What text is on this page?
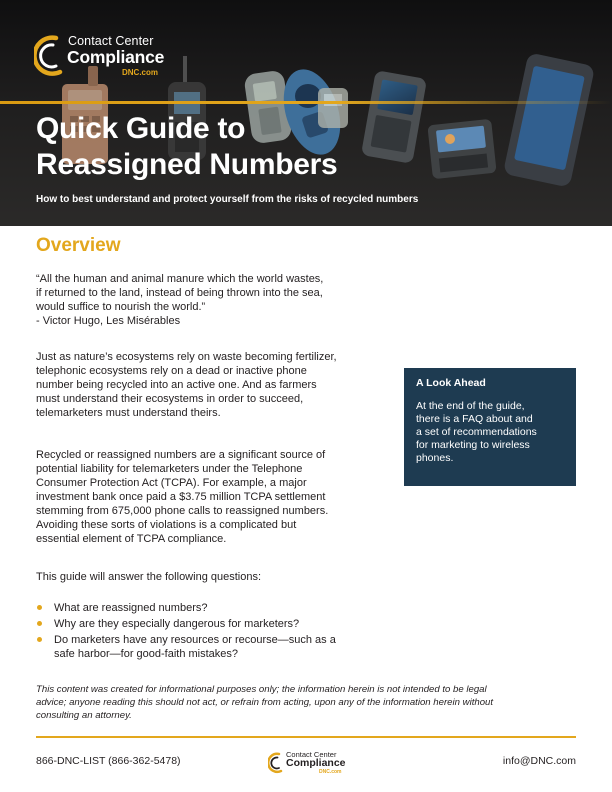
Contact Center
Compliance
DNC.com
Quick Guide to
Reassigned Numbers

How to best understand and protect yourself from the risks of recycled numbers

Overview

“All the human and animal manure which the world wastes,
if returned to the land, instead of being thrown into the sea,
would suffice to nourish the world.”
- Victor Hugo, Les Misérables

Just as nature’s ecosystems rely on waste becoming fertilizer,
telephonic ecosystems rely on a dead or inactive phone
number being recycled into an active one. And as farmers
must understand their ecosystems in order to succeed,
telemarketers must understand theirs.

Recycled or reassigned numbers are a significant source of
potential liability for telemarketers under the Telephone
Consumer Protection Act (TCPA). For example, a major
investment bank once paid a $3.75 million TCPA settlement
stemming from 675,000 phone calls to reassigned numbers.
Avoiding these sorts of violations is a complicated but
essential element of TCPA compliance.

This guide will answer the following questions:

What are reassigned numbers?
Why are they especially dangerous for marketers?
Do marketers have any resources or recourse—such as a
safe harbor—for good-faith mistakes?

A Look Ahead

At the end of the guide,
there is a FAQ about and
a set of recommendations
for marketing to wireless
phones.

This content was created for informational purposes only; the information herein is not intended to be legal
advice; anyone reading this should not act, or refrain from acting, upon any of the information herein without
consulting an attorney.

866-DNC-LIST (866-362-5478)
Contact Center
Compliance
DNC.com
info@DNC.com
